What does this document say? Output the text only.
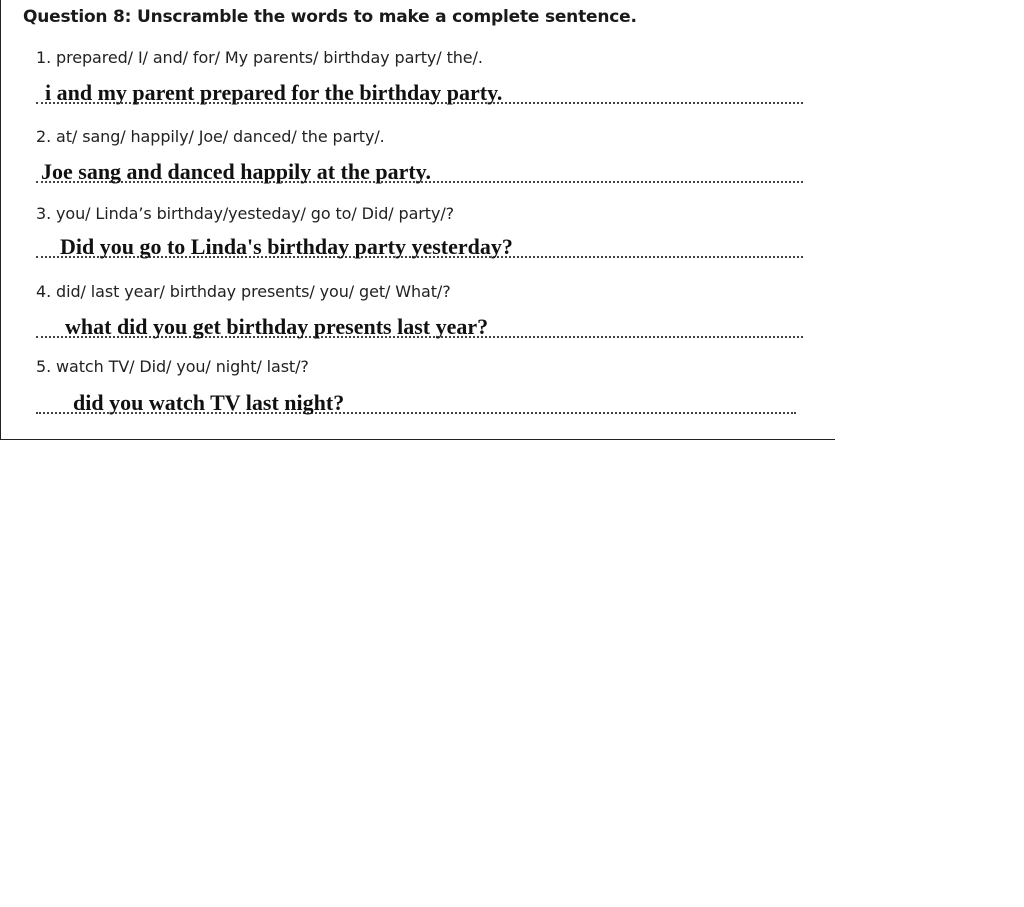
Question 8: Unscramble the words to make a complete sentence.
1. prepared/ I/ and/ for/ My parents/ birthday party/ the/.
i and my parent prepared for the birthday party.
2. at/ sang/ happily/ Joe/ danced/ the party/.
Joe sang and danced happily at the party.
3. you/ Linda’s birthday/yesteday/ go to/ Did/ party/?
Did you go to Linda's birthday party yesterday?
4. did/ last year/ birthday presents/ you/ get/ What/?
what did you get birthday presents last year?
5. watch TV/ Did/ you/ night/ last/?
did you watch TV last night?
